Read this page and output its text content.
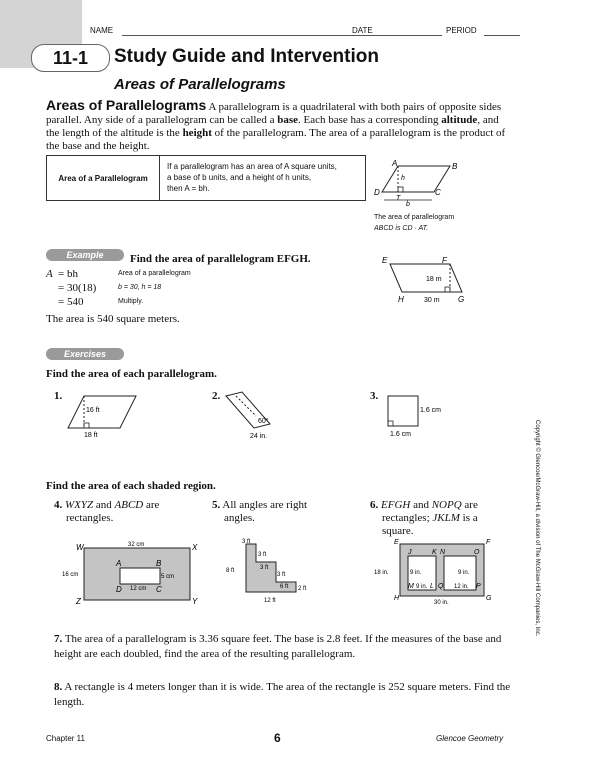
NAME	DATE	PERIOD
11-1	Study Guide and Intervention
Areas of Parallelograms
Areas of Parallelograms A parallelogram is a quadrilateral with both pairs of opposite sides parallel. Any side of a parallelogram can be called a base. Each base has a corresponding altitude, and the length of the altitude is the height of the parallelogram. The area of a parallelogram is the product of the base and the height.
Area of a Parallelogram
If a parallelogram has an area of A square units,
a base of b units, and a height of h units,
then A = bh.
A	B
C
D
T
h
b
The area of parallelogram
ABCD is CD · AT.
Example	Find the area of parallelogram EFGH.
A = bh	Area of a parallelogram
= 30(18)	b = 30, h = 18
= 540	Multiply.
The area is 540 square meters.
E	F
G
H
18 m
30 m
Exercises
Find the area of each parallelogram.
1.
16 ft
18 ft
2.
60°
24 in.
3.
1.6 cm
1.6 cm
Find the area of each shaded region.
4. WXYZ and ABCD are
rectangles.
W	X
Y
Z
A	B
C
D
32 cm
16 cm	5 cm
12 cm
5. All angles are right
angles.
3 ft
3 ft
8 ft	3 ft
3 ft
6 ft 2 ft
12 ft
6. EFGH and NOPQ are
rectangles; JKLM is a
square.
E	F
G
H
J	K N	O
M L Q	P
18 in.	9 in.	9 in.
9 in.	12 in.
30 in.
7. The area of a parallelogram is 3.36 square feet. The base is 2.8 feet. If the measures of the base and height are each doubled, find the area of the resulting parallelogram.
8. A rectangle is 4 meters longer than it is wide. The area of the rectangle is 252 square meters. Find the length.
Copyright © Glencoe/McGraw-Hill, a division of The McGraw-Hill Companies, Inc.
Chapter 11	6	Glencoe Geometry
